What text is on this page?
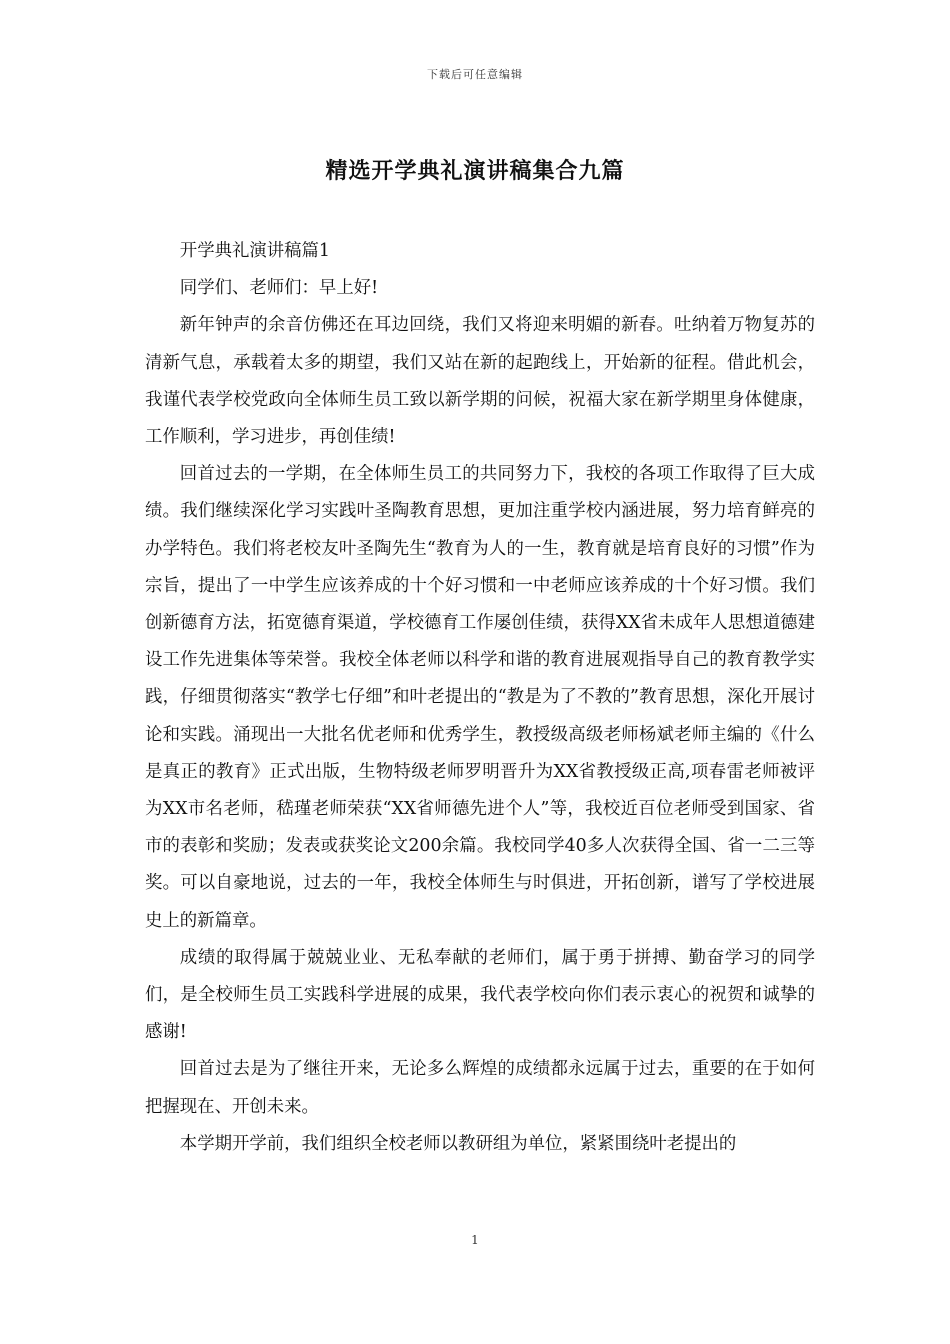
下载后可任意编辑
精选开学典礼演讲稿集合九篇

开学典礼演讲稿篇1

同学们、老师们：早上好!

新年钟声的余音仿佛还在耳边回绕，我们又将迎来明媚的新春。吐纳着万物复苏的清新气息，承载着太多的期望，我们又站在新的起跑线上，开始新的征程。借此机会，我谨代表学校党政向全体师生员工致以新学期的问候，祝福大家在新学期里身体健康，工作顺利，学习进步，再创佳绩!

回首过去的一学期，在全体师生员工的共同努力下，我校的各项工作取得了巨大成绩。我们继续深化学习实践叶圣陶教育思想，更加注重学校内涵进展，努力培育鲜亮的办学特色。我们将老校友叶圣陶先生“教育为人的一生，教育就是培育良好的习惯”作为宗旨，提出了一中学生应该养成的十个好习惯和一中老师应该养成的十个好习惯。我们创新德育方法，拓宽德育渠道，学校德育工作屡创佳绩，获得XX省未成年人思想道德建设工作先进集体等荣誉。我校全体老师以科学和谐的教育进展观指导自己的教育教学实践，仔细贯彻落实“教学七仔细”和叶老提出的“教是为了不教的”教育思想，深化开展讨论和实践。涌现出一大批名优老师和优秀学生，教授级高级老师杨斌老师主编的《什么是真正的教育》正式出版，生物特级老师罗明晋升为XX省教授级正高,项春雷老师被评为XX市名老师，嵇瑾老师荣获“XX省师德先进个人”等，我校近百位老师受到国家、省市的表彰和奖励；发表或获奖论文200余篇。我校同学40多人次获得全国、省一二三等奖。可以自豪地说，过去的一年，我校全体师生与时俱进，开拓创新，谱写了学校进展史上的新篇章。

成绩的取得属于兢兢业业、无私奉献的老师们，属于勇于拼搏、勤奋学习的同学们，是全校师生员工实践科学进展的成果，我代表学校向你们表示衷心的祝贺和诚挚的感谢!

回首过去是为了继往开来，无论多么辉煌的成绩都永远属于过去，重要的在于如何把握现在、开创未来。

本学期开学前，我们组织全校老师以教研组为单位，紧紧围绕叶老提出的

1
